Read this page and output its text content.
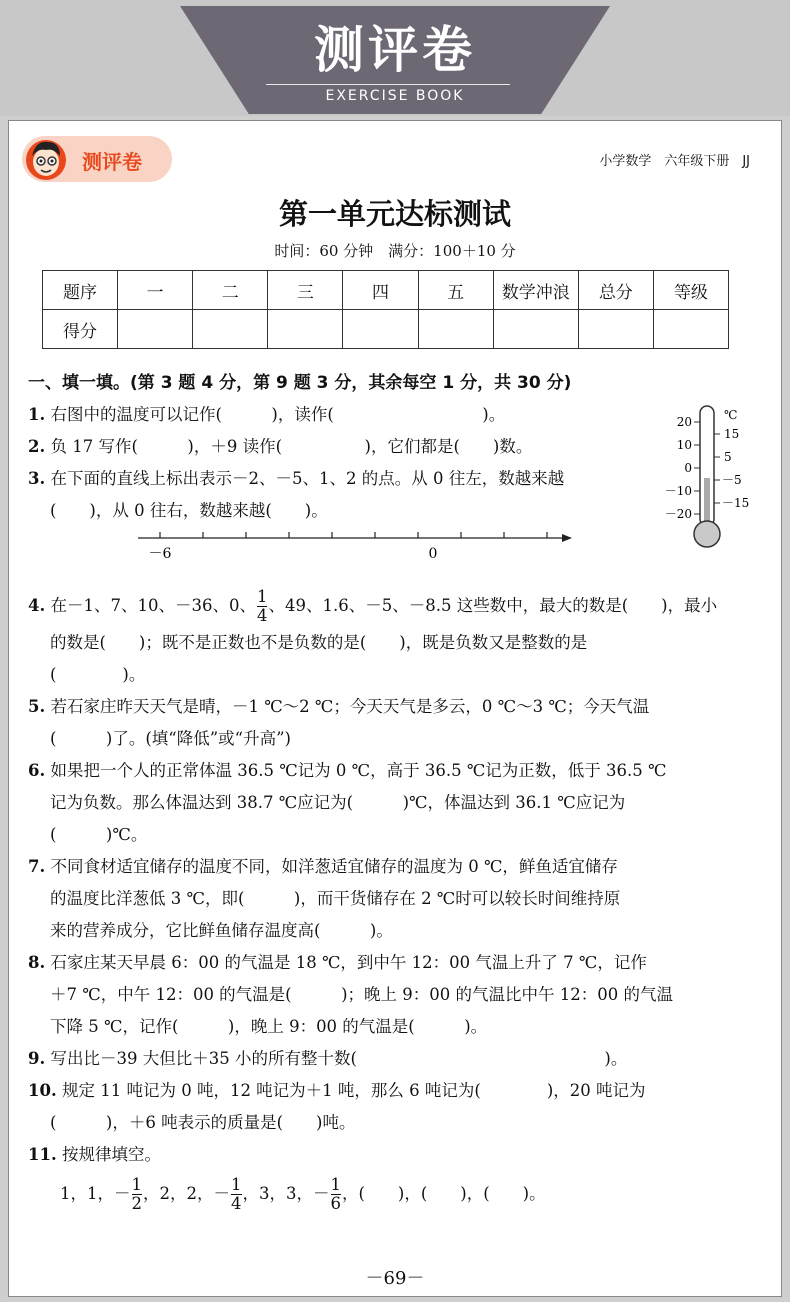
测评卷
EXERCISE BOOK
测评卷	小学数学　六年级下册　JJ
第一单元达标测试
时间：60 分钟　满分：100＋10 分
题序	一	二	三	四	五	数学冲浪	总分	等级
得分								
一、填一填。(第 3 题 4 分，第 9 题 3 分，其余每空 1 分，共 30 分)
1. 右图中的温度可以记作(　　　)，读作(　　　　　　　　　)。
2. 负 17 写作(　　　)，＋9 读作(　　　　　)，它们都是(　　)数。
3. 在下面的直线上标出表示－2、－5、1、2 的点。从 0 往左，数越来越
(　　)，从 0 往右，数越来越(　　)。
－6	0
20
10
0
－10
－20
15
5
－5
－15
℃
4. 在－1、7、10、－36、0、 $\frac{1}{4}$ 、49、1.6、－5、－8.5 这些数中，最大的数是(　　)，最小
的数是(　　)；既不是正数也不是负数的是(　　)，既是负数又是整数的是
(　　　　)。
5. 若石家庄昨天天气是晴，－1 ℃～2 ℃；今天天气是多云，0 ℃～3 ℃；今天气温
(　　　)了。(填“降低”或“升高”)
6. 如果把一个人的正常体温 36.5 ℃记为 0 ℃，高于 36.5 ℃记为正数，低于 36.5 ℃
记为负数。那么体温达到 38.7 ℃应记为(　　　)℃，体温达到 36.1 ℃应记为
(　　　)℃。
7. 不同食材适宜储存的温度不同，如洋葱适宜储存的温度为 0 ℃，鲜鱼适宜储存
的温度比洋葱低 3 ℃，即(　　　)，而干货储存在 2 ℃时可以较长时间维持原
来的营养成分，它比鲜鱼储存温度高(　　　)。
8. 石家庄某天早晨 6：00 的气温是 18 ℃，到中午 12：00 气温上升了 7 ℃，记作
＋7 ℃，中午 12：00 的气温是(　　　)；晚上 9：00 的气温比中午 12：00 的气温
下降 5 ℃，记作(　　　)，晚上 9：00 的气温是(　　　)。
9. 写出比－39 大但比＋35 小的所有整十数(　　　　　　　　　　　　　　　)。
10. 规定 11 吨记为 0 吨，12 吨记为＋1 吨，那么 6 吨记为(　　　　)，20 吨记为
(　　　)，＋6 吨表示的质量是(　　)吨。
11. 按规律填空。
1，1，－ $\frac{1}{2}$ ，2，2，－ $\frac{1}{4}$ ，3，3，－ $\frac{1}{6}$ ，(　　)，(　　)，(　　)。
－69－
